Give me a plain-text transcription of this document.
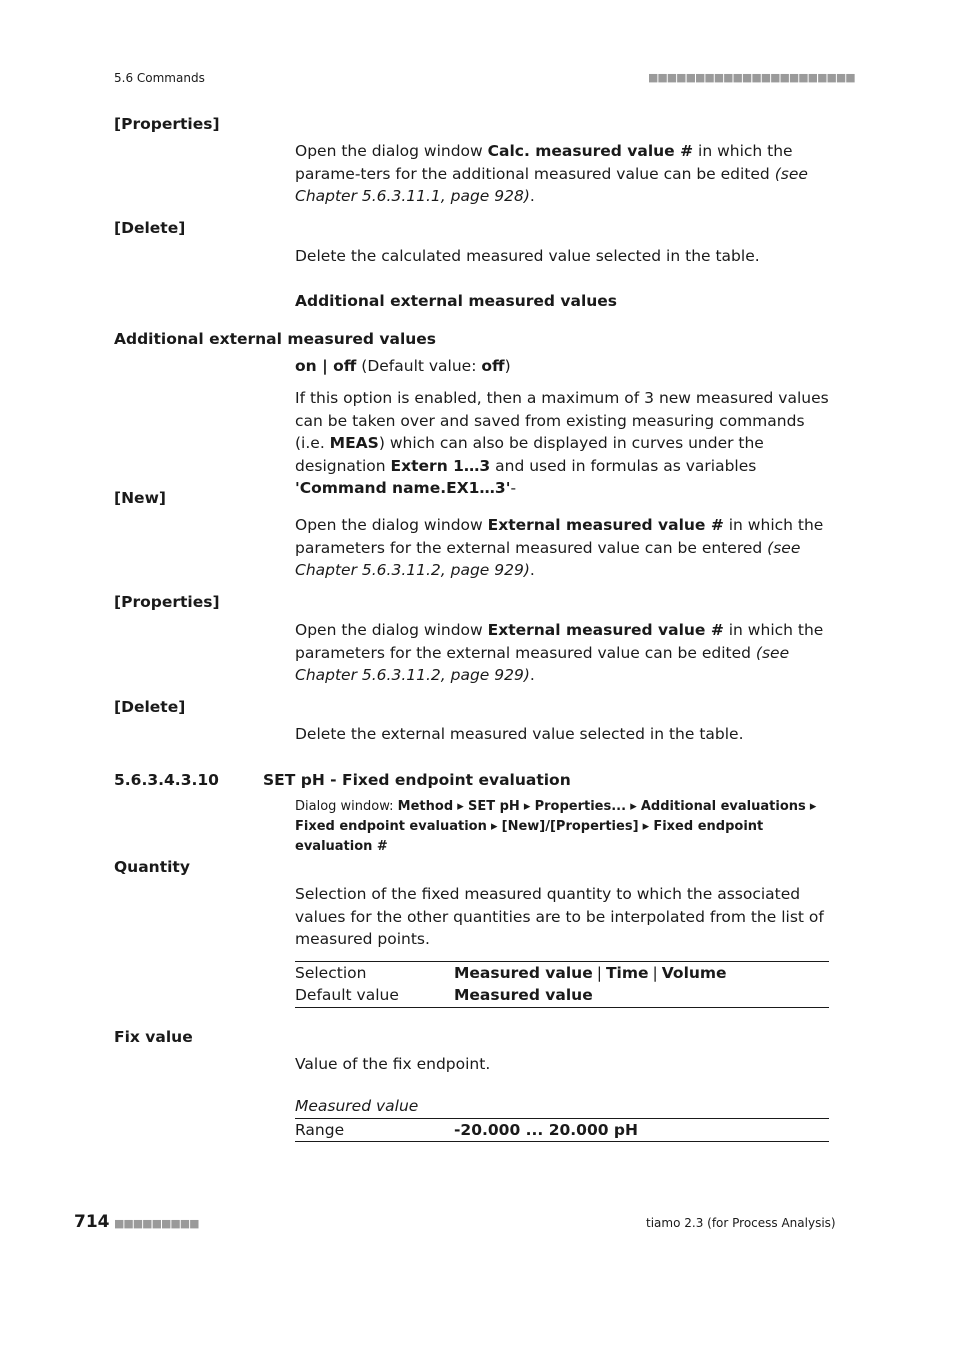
5.6 Commands	■■■■■■■■■■■■■■■■■■■■■■
[Properties]
Open the dialog window Calc. measured value # in which the parame-ters for the additional measured value can be edited (see Chapter 5.6.3.11.1, page 928).
[Delete]
Delete the calculated measured value selected in the table.
Additional external measured values
Additional external measured values
on | off (Default value: off)
If this option is enabled, then a maximum of 3 new measured values can be taken over and saved from existing measuring commands (i.e. MEAS) which can also be displayed in curves under the designation Extern 1…3 and used in formulas as variables 'Command name.EX1…3'-
[New]
Open the dialog window External measured value # in which the parameters for the external measured value can be entered (see Chapter 5.6.3.11.2, page 929).
[Properties]
Open the dialog window External measured value # in which the parameters for the external measured value can be edited (see Chapter 5.6.3.11.2, page 929).
[Delete]
Delete the external measured value selected in the table.
5.6.3.4.3.10	SET pH - Fixed endpoint evaluation
Dialog window: Method ▸ SET pH ▸ Properties... ▸ Additional evaluations ▸ Fixed endpoint evaluation ▸ [New]/[Properties] ▸ Fixed endpoint evaluation #
Quantity
Selection of the fixed measured quantity to which the associated values for the other quantities are to be interpolated from the list of measured points.
Selection	Measured value | Time | Volume
Default value	Measured value
Fix value
Value of the fix endpoint.
Measured value
Range	-20.000 ... 20.000 pH
714 ■■■■■■■■■	tiamo 2.3 (for Process Analysis)
